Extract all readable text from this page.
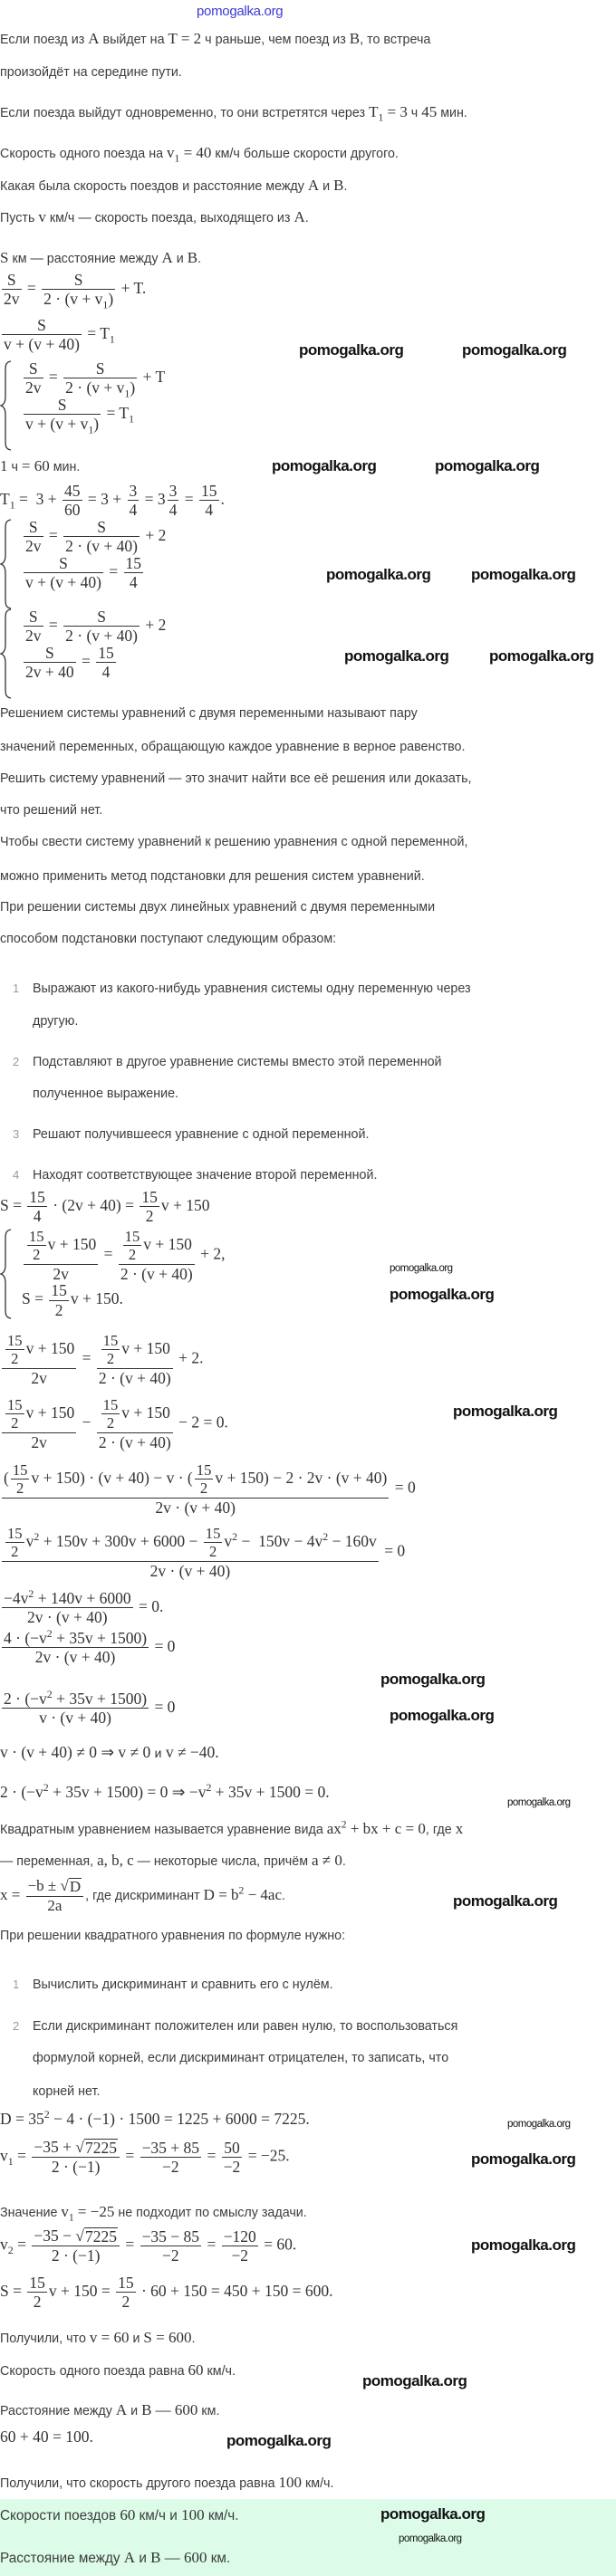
pomogalka.org
Если поезд из A выйдет на T = 2 ч раньше, чем поезд из B, то встреча
произойдёт на середине пути.
Если поезда выйдут одновременно, то они встретятся через $T_1 = 3$ ч 45 мин.
Скорость одного поезда на $v_1 = 40$ км/ч больше скорости другого.
Какая была скорость поездов и расстояние между A и B.
Пусть v км/ч — скорость поезда, выходящего из A.
S км — расстояние между A и B.
$\frac{S}{2v} = \frac{S}{2 \cdot (v + v_1)} + T$.
$\frac{S}{v + (v + 40)} = T_1$
$\frac{S}{2v} = \frac{S}{2 \cdot (v + v_1)} + T$
$\frac{S}{v + (v + v_1)} = T_1$
1 ч = 60 мин.
$T_1 = 3 + \frac{45}{60} = 3 + \frac{3}{4} = 3 \frac{3}{4} = \frac{15}{4}$ .
$\frac{S}{2v} = \frac{S}{2 \cdot (v + 40)} + 2$
$\frac{S}{v + (v + 40)} = \frac{15}{4}$
$\frac{S}{2v} = \frac{S}{2 \cdot (v + 40)} + 2$
$\frac{S}{2v + 40} = \frac{15}{4}$
Решением системы уравнений с двумя переменными называют пару
значений переменных, обращающую каждое уравнение в верное равенство.
Решить систему уравнений — это значит найти все её решения или доказать,
что решений нет.
Чтобы свести систему уравнений к решению уравнения с одной переменной,
можно применить метод подстановки для решения систем уравнений.
При решении системы двух линейных уравнений с двумя переменными
способом подстановки поступают следующим образом:
1 Выражают из какого-нибудь уравнения системы одну переменную через
другую.
2 Подставляют в другое уравнение системы вместо этой переменной
полученное выражение.
3 Решают получившееся уравнение с одной переменной.
4 Находят соответствующее значение второй переменной.
$S = \frac{15}{4} \cdot (2v + 40) = \frac{15}{2}$ v + 150
$\frac{\frac{15}{2} v + 150}{2v} = \frac{\frac{15}{2} v + 150}{2 \cdot (v + 40)} + 2$,
$S = \frac{15}{2}$ v + 150.
$\frac{\frac{15}{2} v + 150}{2v} = \frac{\frac{15}{2} v + 150}{2 \cdot (v + 40)} + 2$.
$\frac{\frac{15}{2} v + 150}{2v} - \frac{\frac{15}{2} v + 150}{2 \cdot (v + 40)} - 2 = 0$.
( $\frac{15}{2}$ v + 150) · (v + 40) − v · ( $\frac{15}{2}$ v + 150) − 2 · 2v · (v + 40)
2v · (v + 40)
= 0
$\frac{\frac{15}{2} v^2 + 150v + 300v + 6000 - \frac{15}{2} v^2 - 150v - 4v^2 - 160v}{2v \cdot (v + 40)} = 0$
$\frac{-4v^2 + 140v + 6000}{2v \cdot (v + 40)} = 0$.
$\frac{4 \cdot (-v^2 + 35v + 1500)}{2v \cdot (v + 40)} = 0$
$\frac{2 \cdot (-v^2 + 35v + 1500)}{v \cdot (v + 40)} = 0$
v · (v + 40) ≠ 0 ⇒ v ≠ 0 и v ≠ −40.
$2 \cdot (-v^2 + 35v + 1500) = 0$ ⇒ $-v^2 + 35v + 1500 = 0$.
Квадратным уравнением называется уравнение вида $ax^2$ + bx + c = 0, где x
— переменная, a, b, c — некоторые числа, причём a ≠ 0.
$x = \frac{-b \pm √ D}{2a}$ , где дискриминант $D = b^2 - 4ac$.
При решении квадратного уравнения по формуле нужно:
1 Вычислить дискриминант и сравнить его с нулём.
2 Если дискриминант положителен или равен нулю, то воспользоваться
формулой корней, если дискриминант отрицателен, то записать, что
корней нет.
$D = 35^2 - 4 \cdot (-1) \cdot 1500 = 1225 + 6000 = 7225$.
$v_1 = \frac{-35 + √ 7225}{2 \cdot (-1)} = \frac{-35 + 85}{-2} = \frac{50}{-2} = -25$.
Значение $v_1 = -25$ не подходит по смыслу задачи.
$v_2 = \frac{-35 - √ 7225}{2 \cdot (-1)} = \frac{-35 - 85}{-2} = \frac{-120}{-2} = 60$.
$S = \frac{15}{2}$ $v + 150 = \frac{15}{2} \cdot 60 + 150 = 450 + 150 = 600$.
Получили, что v = 60 и S = 600.
Скорость одного поезда равна 60 км/ч.
Расстояние между A и B — 600 км.
60 + 40 = 100.
Получили, что скорость другого поезда равна 100 км/ч.
Скорости поездов 60 км/ч и 100 км/ч.
Расстояние между A и B — 600 км.
pomogalka.org	pomogalka.org
pomogalka.org	pomogalka.org
pomogalka.org	pomogalka.org
pomogalka.org	pomogalka.org
pomogalka.org
pomogalka.org
pomogalka.org
pomogalka.org
pomogalka.org
pomogalka.org
pomogalka.org
pomogalka.org
pomogalka.org
pomogalka.org
pomogalka.org
pomogalka.org
pomogalka.org
pomogalka.org
